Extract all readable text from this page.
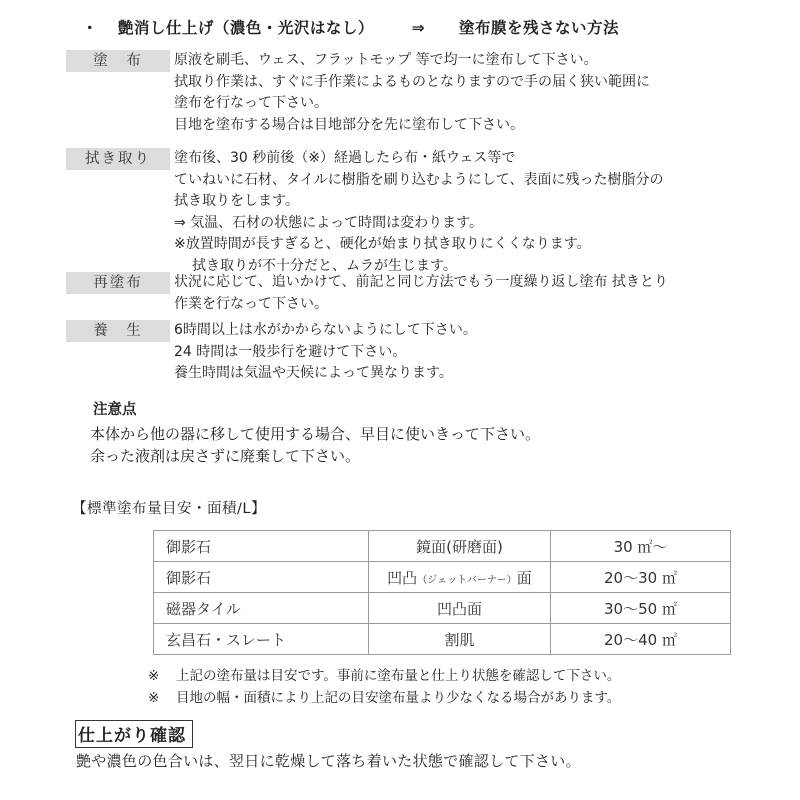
・ 艶消し仕上げ（濃色・光沢はなし） ⇒ 塗布膜を残さない方法
塗　布	原液を刷毛、ウェス、フラットモップ 等で均一に塗布して下さい。
拭取り作業は、すぐに手作業によるものとなりますので手の届く狭い範囲に
塗布を行なって下さい。
目地を塗布する場合は目地部分を先に塗布して下さい。
拭き取り	塗布後、30 秒前後（※）経過したら布・紙ウェス等で
ていねいに石材、タイルに樹脂を刷り込むようにして、表面に残った樹脂分の
拭き取りをします。
⇒ 気温、石材の状態によって時間は変わります。
※放置時間が長すぎると、硬化が始まり拭き取りにくくなります。
　拭き取りが不十分だと、ムラが生じます。
再塗布	状況に応じて、追いかけて、前記と同じ方法でもう一度繰り返し塗布 拭きとり
作業を行なって下さい。
養　生	6時間以上は水がかからないようにして下さい。
24 時間は一般歩行を避けて下さい。
養生時間は気温や天候によって異なります。
注意点
本体から他の器に移して使用する場合、早目に使いきって下さい。
余った液剤は戻さずに廃棄して下さい。
【標準塗布量目安・面積/L】
御影石	鏡面(研磨面)	30 ㎡〜
御影石	凹凸（ジェットバーナー）面	20〜30 ㎡
磁器タイル	凹凸面	30〜50 ㎡
玄昌石・スレート	割肌	20〜40 ㎡
※ 上記の塗布量は目安です。事前に塗布量と仕上り状態を確認して下さい。
※ 目地の幅・面積により上記の目安塗布量より少なくなる場合があります。
仕上がり確認
艶や濃色の色合いは、翌日に乾燥して落ち着いた状態で確認して下さい。
